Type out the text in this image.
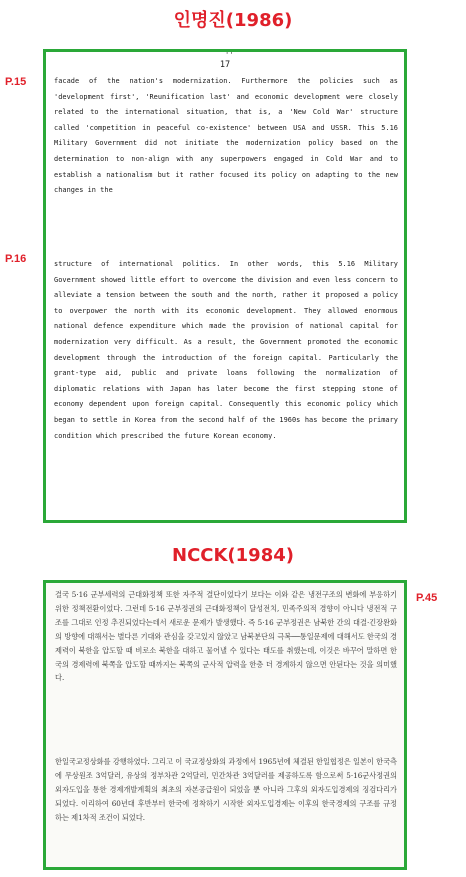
인명진(1986)
P.15
P.16
''
17
facade of the nation's modernization. Furthermore the policies such as 'development first', 'Reunification last' and economic development were closely related to the international situation, that is, a 'New Cold War' structure called 'competition in peaceful co-existence' between USA and USSR. This 5.16 Military Government did not initiate the modernization policy based on the determination to non-align with any superpowers engaged in Cold War and to establish a nationalism but it rather focused its policy on adapting to the new changes in the
structure of international politics. In other words, this 5.16 Military Government showed little effort to overcome the division and even less concern to alleviate a tension between the south and the north, rather it proposed a policy to overpower the north with its economic development. They allowed enormous national defence expenditure which made the provision of national capital for modernization very difficult. As a result, the Government promoted the economic development through the introduction of the foreign capital. Particularly the grant-type aid, public and private loans following the normalization of diplomatic relations with Japan has later become the first stepping stone of economy dependent upon foreign capital. Consequently this economic policy which began to settle in Korea from the second half of the 1960s has become the primary condition which prescribed the future Korean economy.
NCCK(1984)
P.45
결국 5·16 군부세력의 근대화정책 또한 자주적 결단이었다기 보다는 이와 같은 냉전구조의 변화에 부응하기 위한 정책전환이었다. 그런데 5·16 군부정권의 근대화정책이 달성전치, 민족주의적 경향이 아니다 냉전적 구조를 그대로 인정 추진되었다는데서 새로운 문제가 발생했다. 즉 5·16 군부정권은 남북한 간의 대결·긴장완화의 방향에 대해서는 별다른 기대와 관심을 갖고있지 않았고 남북분단의 극복──통일문제에 대해서도 한국의 경제력이 북한을 압도할 때 비로소 북한을 대하고 물어낼 수 있다는 태도를 취했는데, 이것은 바꾸어 말하면 한국의 경제력에 북쪽을 압도할 때까지는 북쪽의 군사적 압력을 한층 더 경계하지 않으면 안된다는 것을 의미했다.
한일국교정상화를 강행하였다. 그리고 이 국교정상화의 과정에서 1965년에 체결된 한일협정은 일본이 한국측에 무상원조 3억달러, 유상의 정부차관 2억달러, 민간차관 3억달러를 제공하도록 함으로써 5·16군사정권의 외자도입을 통한 경제개발계획의 최초의 자본공급원이 되었을 뿐 아니라 그후의 외자도입경제의 징검다리가 되었다. 이리하여 60년대 후반부터 한국에 정착하기 시작한 외자도입경제는 이후의 한국경제의 구조를 규정하는 제1차적 조건이 되었다.
